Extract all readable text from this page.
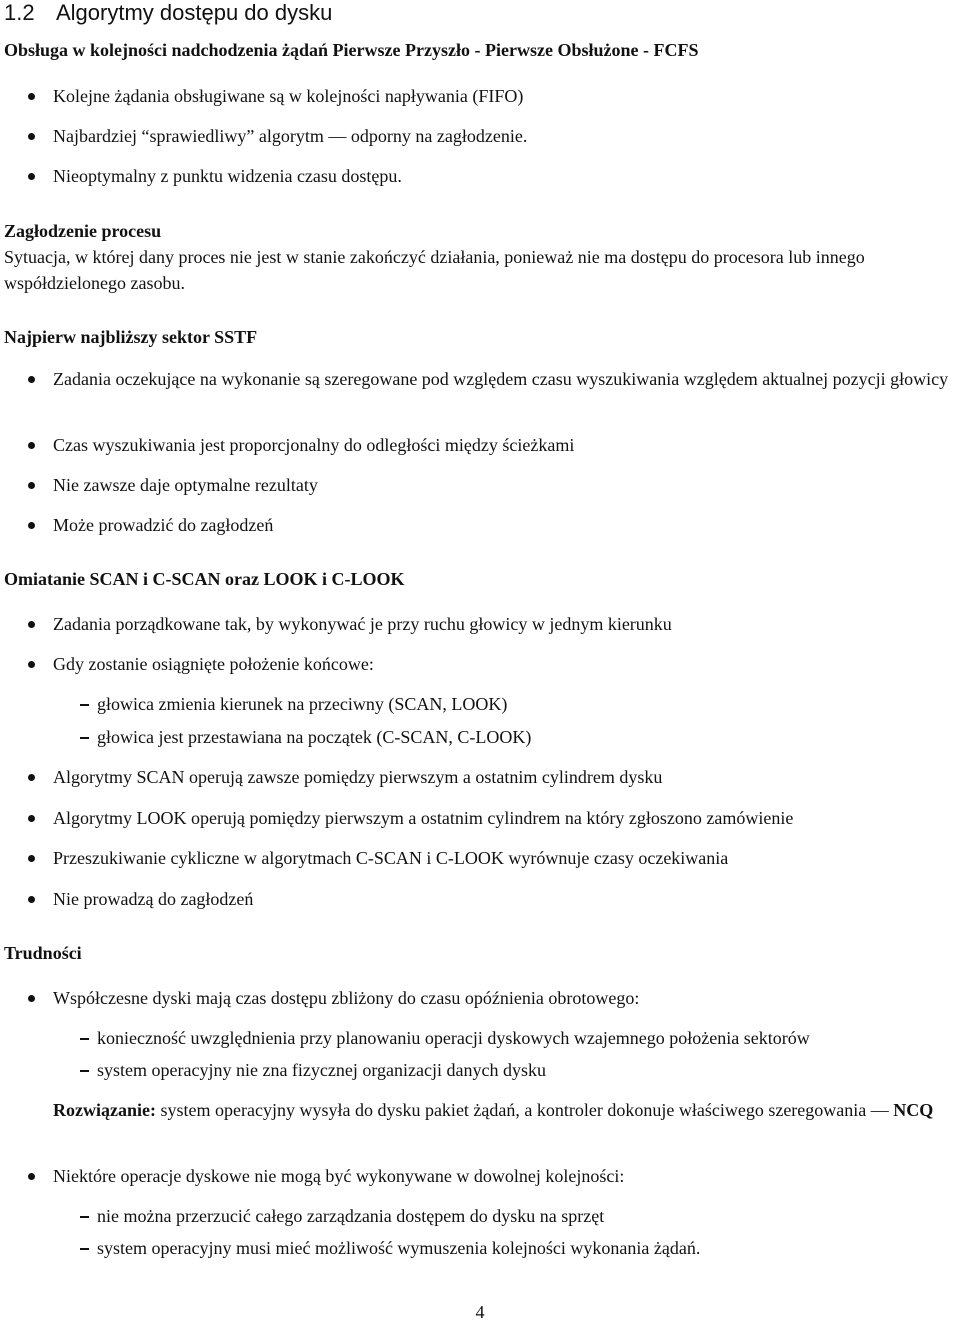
1.2 Algorytmy dostępu do dysku
Obsługa w kolejności nadchodzenia żądań Pierwsze Przyszło - Pierwsze Obsłużone - FCFS
Kolejne żądania obsługiwane są w kolejności napływania (FIFO)
Najbardziej “sprawiedliwy” algorytm — odporny na zagłodzenie.
Nieoptymalny z punktu widzenia czasu dostępu.
Zagłodzenie procesu

Sytuacja, w której dany proces nie jest w stanie zakończyć działania, ponieważ nie ma dostępu do procesora lub innego współdzielonego zasobu.

Najpierw najbliższy sektor SSTF
Zadania oczekujące na wykonanie są szeregowane pod względem czasu wyszukiwania względem aktualnej pozycji głowicy
Czas wyszukiwania jest proporcjonalny do odległości między ścieżkami
Nie zawsze daje optymalne rezultaty
Może prowadzić do zagłodzeń
Omiatanie SCAN i C-SCAN oraz LOOK i C-LOOK
Zadania porządkowane tak, by wykonywać je przy ruchu głowicy w jednym kierunku
Gdy zostanie osiągnięte położenie końcowe:
głowica zmienia kierunek na przeciwny (SCAN, LOOK)
głowica jest przestawiana na początek (C-SCAN, C-LOOK)
Algorytmy SCAN operują zawsze pomiędzy pierwszym a ostatnim cylindrem dysku
Algorytmy LOOK operują pomiędzy pierwszym a ostatnim cylindrem na który zgłoszono zamówienie
Przeszukiwanie cykliczne w algorytmach C-SCAN i C-LOOK wyrównuje czasy oczekiwania
Nie prowadzą do zagłodzeń
Trudności
Współczesne dyski mają czas dostępu zbliżony do czasu opóźnienia obrotowego:
konieczność uwzględnienia przy planowaniu operacji dyskowych wzajemnego położenia sektorów
system operacyjny nie zna fizycznej organizacji danych dysku
Rozwiązanie: system operacyjny wysyła do dysku pakiet żądań, a kontroler dokonuje właściwego szeregowania — NCQ
Niektóre operacje dyskowe nie mogą być wykonywane w dowolnej kolejności:
nie można przerzucić całego zarządzania dostępem do dysku na sprzęt
system operacyjny musi mieć możliwość wymuszenia kolejności wykonania żądań.
4
